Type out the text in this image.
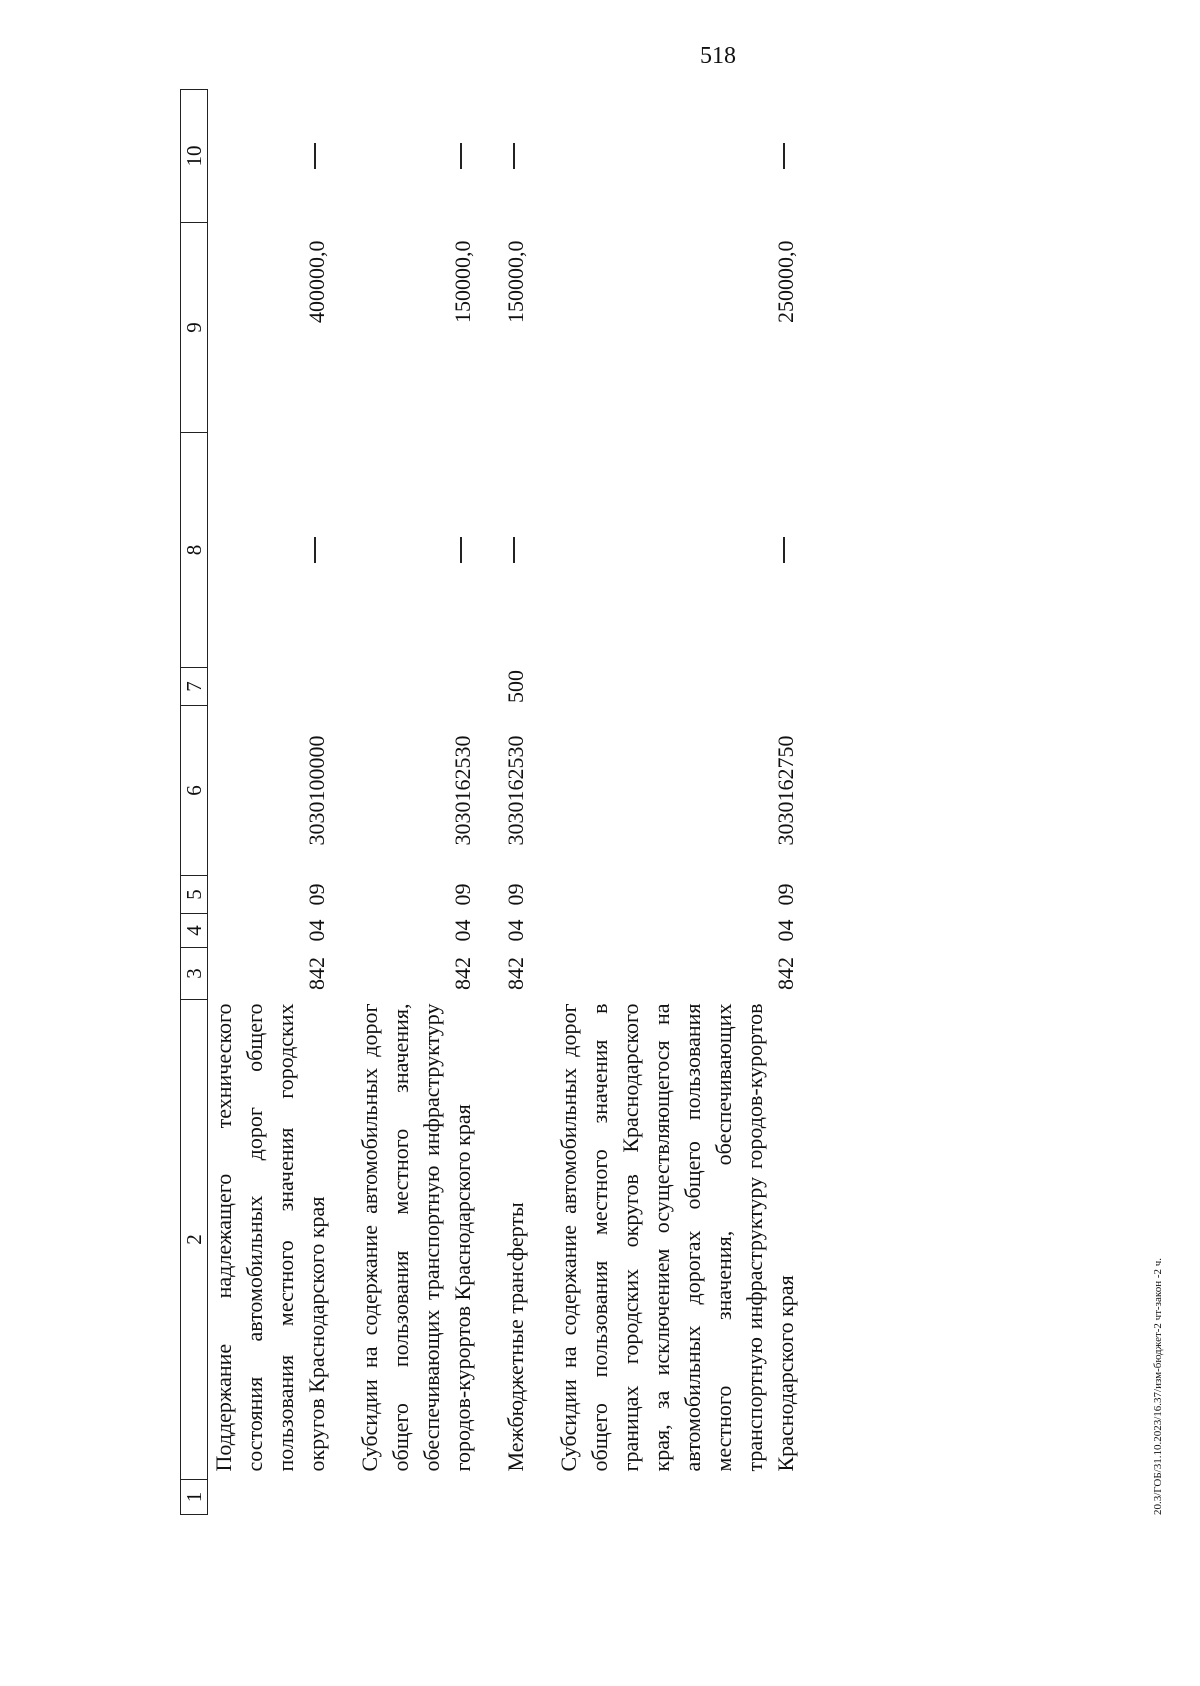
518
20.3/ГОБ/31.10.2023/16.37/изм-бюджет-2 чт-закон -2 ч.
1	2	3	4	5	6	7	8	9	10
	Поддержание надлежащего технического состояния автомобильных дорог общего пользования местного значения городских округов Краснодарского края	842	04	09	3030100000			400000,0	

	Субсидии на содержание автомобильных дорог общего пользования местного значения, обеспечивающих транспортную инфраструктуру городов-курортов Краснодарского края	842	04	09	3030162530			150000,0	

	Межбюджетные трансферты	842	04	09	3030162530	500		150000,0	

	Субсидии на содержание автомобильных дорог общего пользования местного значения в границах городских округов Краснодарского края, за исключением осуществляющегося на автомобильных дорогах общего пользования местного значения, обеспечивающих транспортную инфраструктуру городов-курортов Краснодарского края	842	04	09	3030162750			250000,0	
